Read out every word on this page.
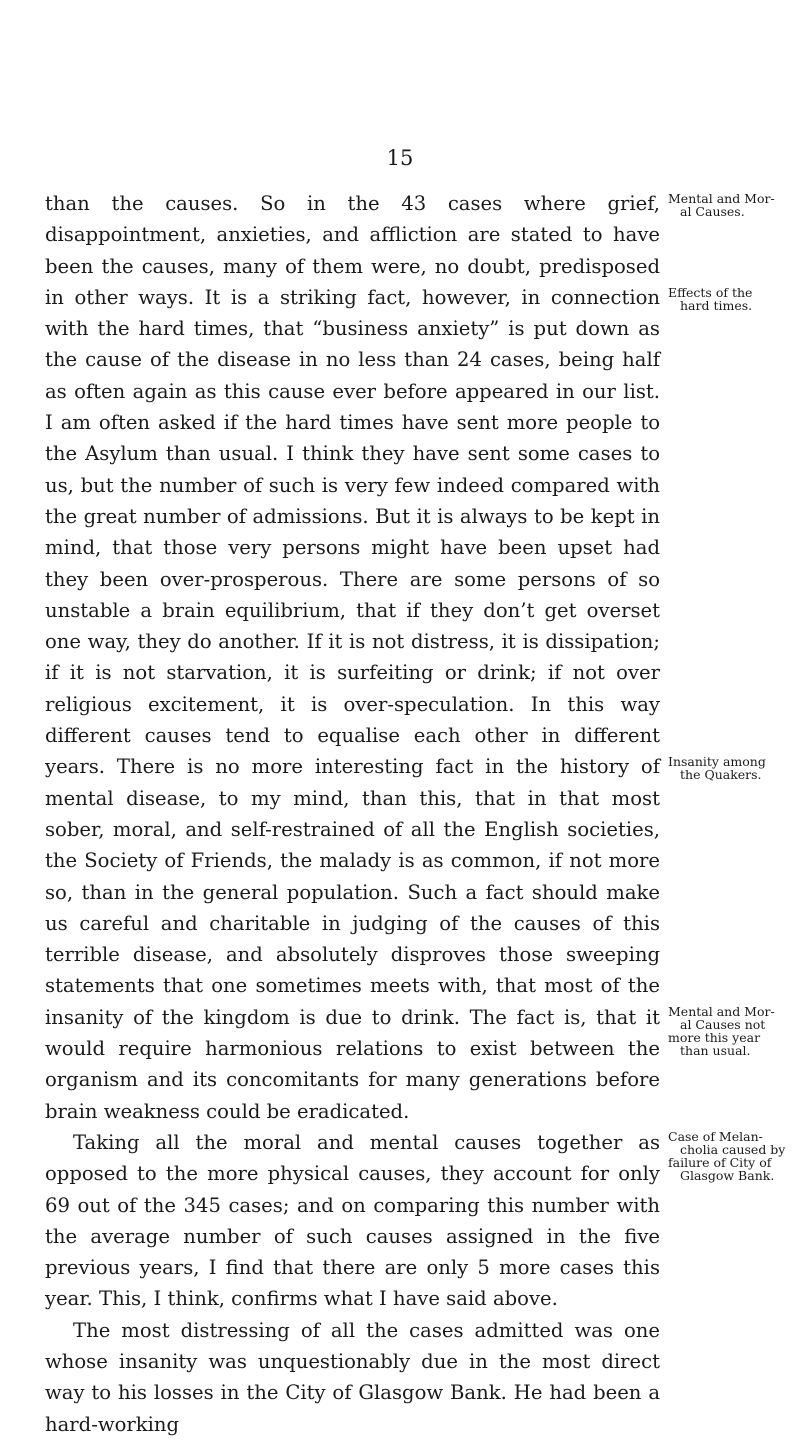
15

than the causes. So in the 43 cases where grief, disappointment, anxieties, and affliction are stated to have been the causes, many of them were, no doubt, predisposed in other ways. It is a striking fact, however, in connection with the hard times, that “business anxiety” is put down as the cause of the disease in no less than 24 cases, being half as often again as this cause ever before appeared in our list. I am often asked if the hard times have sent more people to the Asylum than usual. I think they have sent some cases to us, but the number of such is very few indeed compared with the great number of admissions. But it is always to be kept in mind, that those very persons might have been upset had they been over-prosperous. There are some persons of so unstable a brain equilibrium, that if they don’t get overset one way, they do another. If it is not distress, it is dissipation; if it is not starvation, it is surfeiting or drink; if not over religious excitement, it is over-speculation. In this way different causes tend to equalise each other in different years. There is no more interesting fact in the history of mental disease, to my mind, than this, that in that most sober, moral, and self-restrained of all the English societies, the Society of Friends, the malady is as common, if not more so, than in the general population. Such a fact should make us careful and charitable in judging of the causes of this terrible disease, and absolutely disproves those sweeping statements that one sometimes meets with, that most of the insanity of the kingdom is due to drink. The fact is, that it would require harmonious relations to exist between the organism and its concomitants for many generations before brain weakness could be eradicated.

Taking all the moral and mental causes together as opposed to the more physical causes, they account for only 69 out of the 345 cases; and on comparing this number with the average number of such causes assigned in the five previous years, I find that there are only 5 more cases this year. This, I think, confirms what I have said above.

The most distressing of all the cases admitted was one whose insanity was unquestionably due in the most direct way to his losses in the City of Glasgow Bank. He had been a hard-working

Mental and Mor-
al Causes.
Effects of the
hard times.
Insanity among
the Quakers.
Mental and Mor-
al Causes not
more this year
than usual.
Case of Melan-
cholia caused by
failure of City of
Glasgow Bank.
